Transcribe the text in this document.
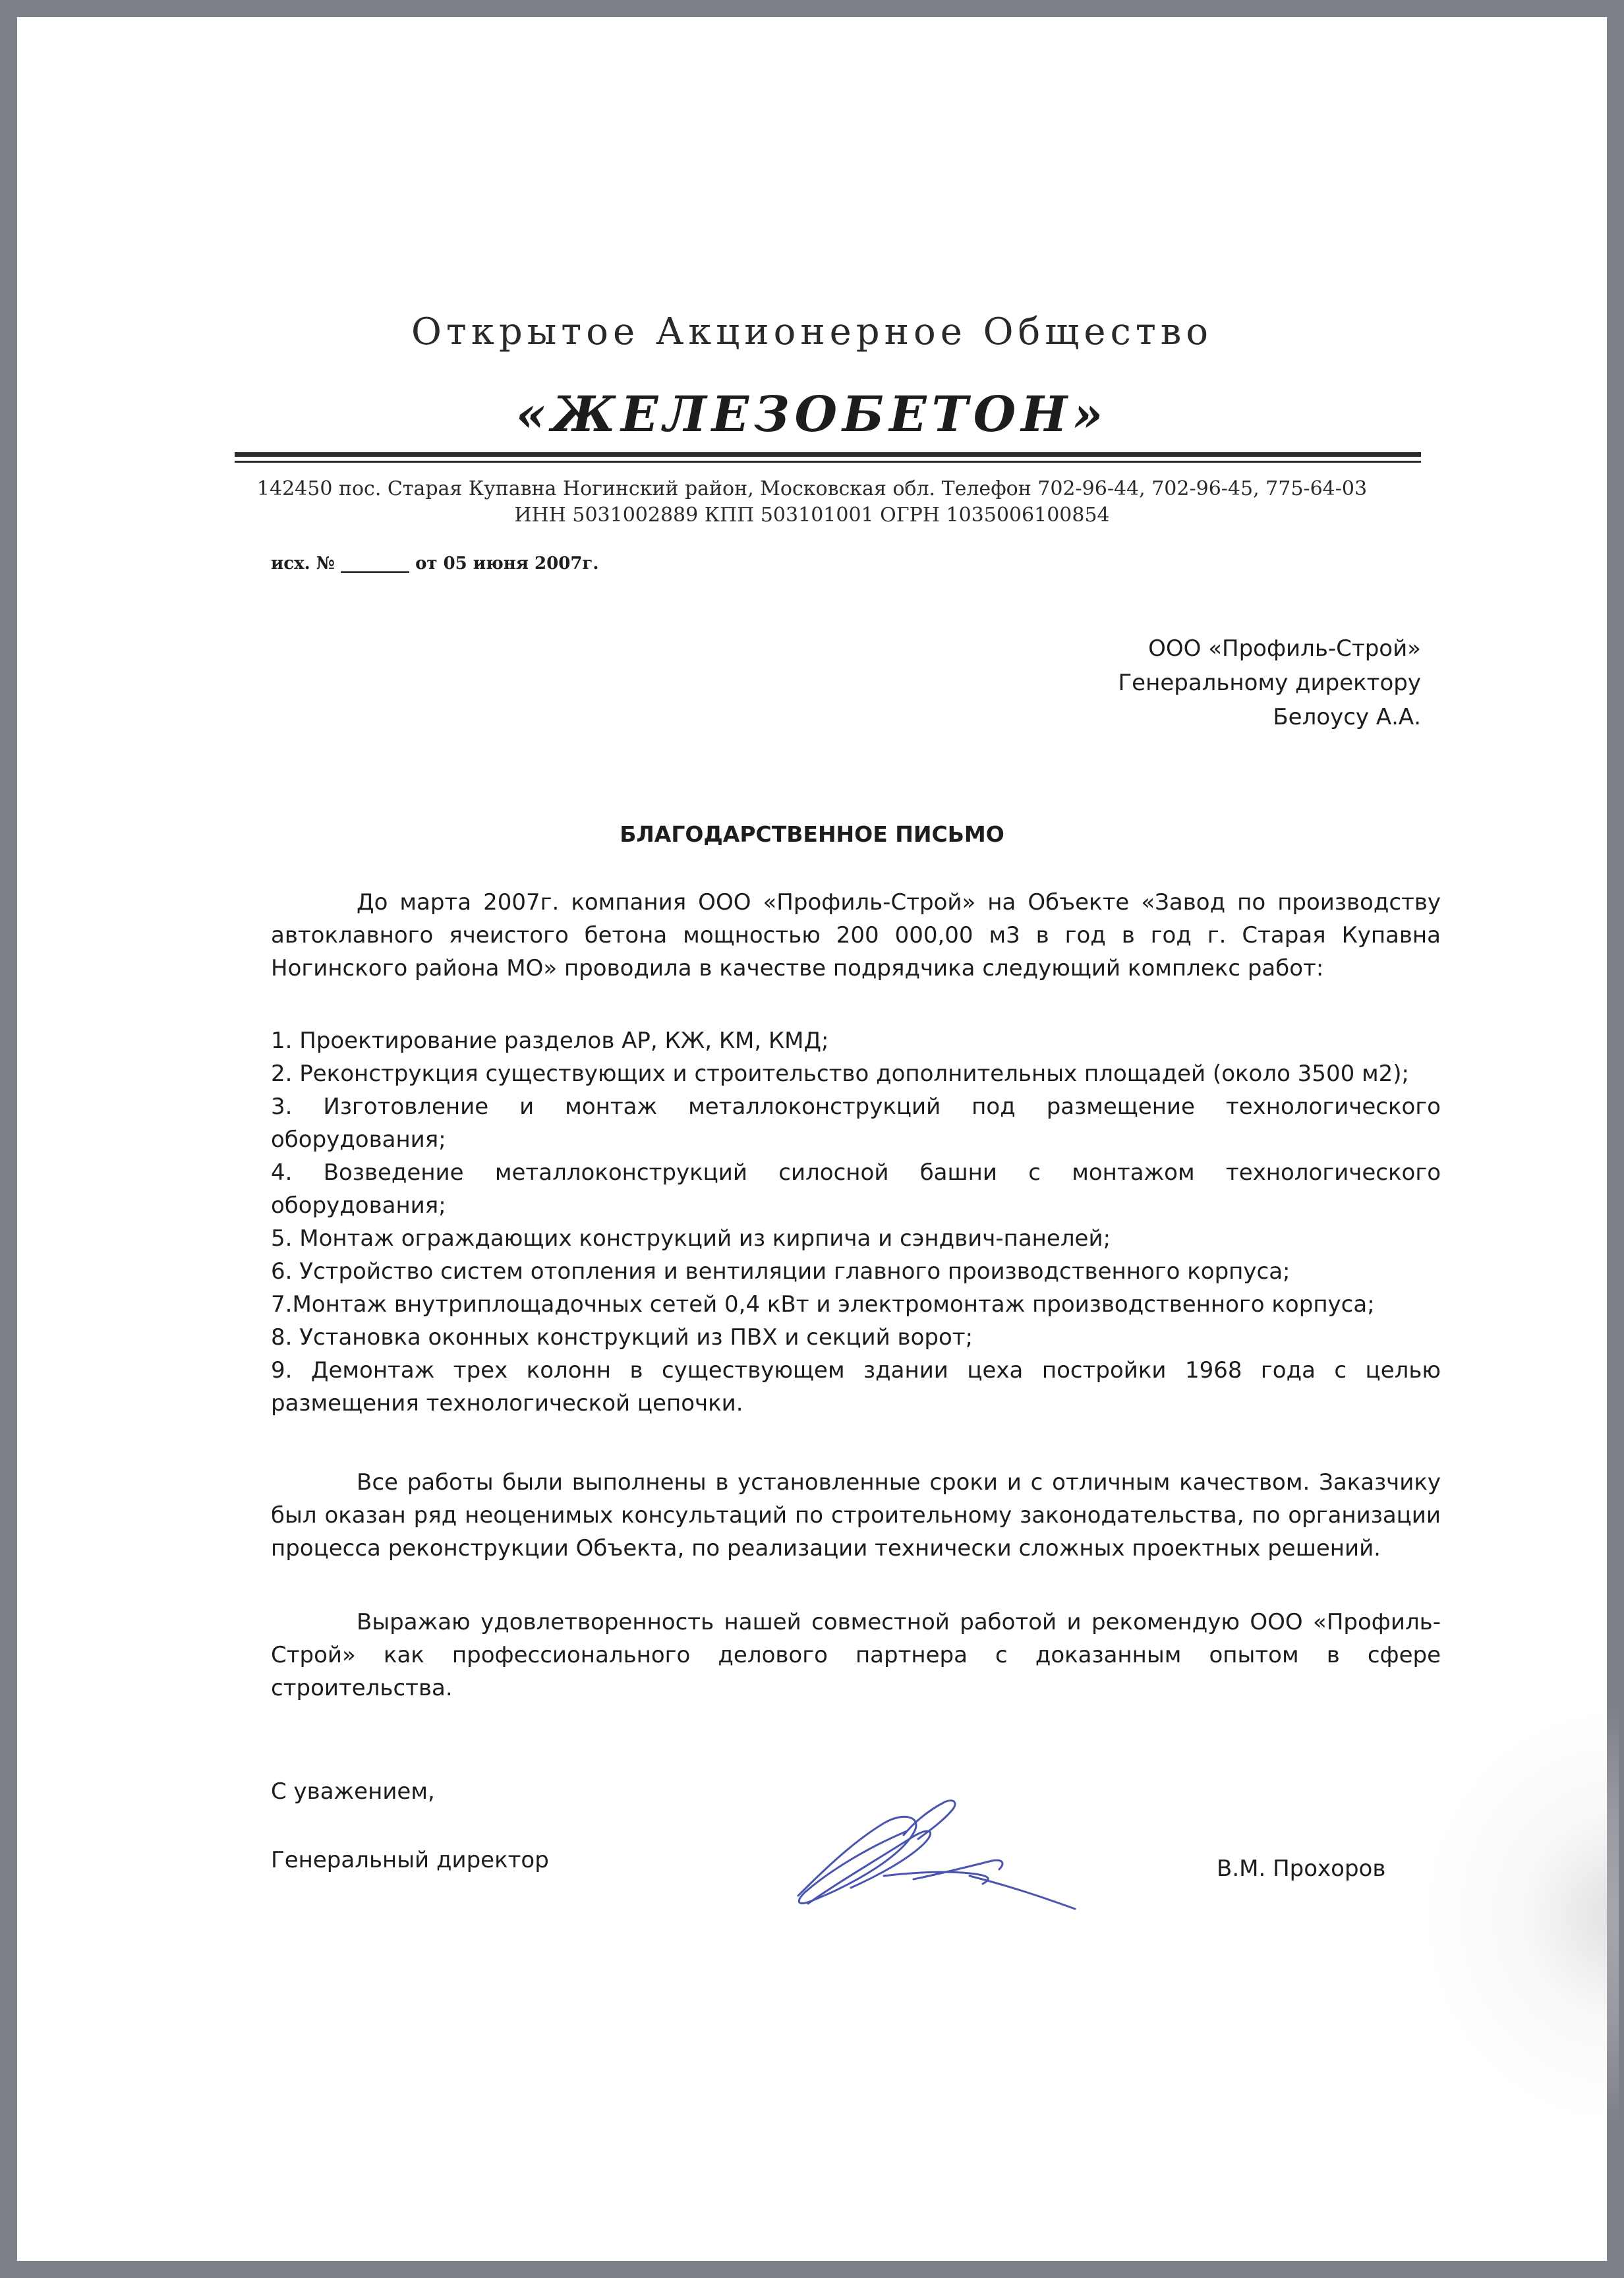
Открытое Акционерное Общество
«ЖЕЛЕЗОБЕТОН»
142450 пос. Старая Купавна Ногинский район, Московская обл. Телефон 702-96-44, 702-96-45, 775-64-03
ИНН 5031002889 КПП 503101001 ОГРН 1035006100854
исх. № ________ от 05 июня 2007г.
ООО «Профиль-Строй»
Генеральному директору
Белоусу А.А.
БЛАГОДАРСТВЕННОЕ ПИСЬМО

До марта 2007г. компания ООО «Профиль-Строй» на Объекте «Завод по производству автоклавного ячеистого бетона мощностью 200 000,00 м3 в год в год г. Старая Купавна Ногинского района МО» проводила в качестве подрядчика следующий комплекс работ:

1. Проектирование разделов АР, КЖ, КМ, КМД;

2. Реконструкция существующих и строительство дополнительных площадей (около 3500 м2);

3. Изготовление и монтаж металлоконструкций под размещение технологического оборудования;

4. Возведение металлоконструкций силосной башни с монтажом технологического оборудования;

5. Монтаж ограждающих конструкций из кирпича и сэндвич-панелей;

6. Устройство систем отопления и вентиляции главного производственного корпуса;

7.Монтаж внутриплощадочных сетей 0,4 кВт и электромонтаж производственного корпуса;

8. Установка оконных конструкций из ПВХ и секций ворот;

9. Демонтаж трех колонн в существующем здании цеха постройки 1968 года с целью размещения технологической цепочки.

Все работы были выполнены в установленные сроки и с отличным качеством. Заказчику был оказан ряд неоценимых консультаций по строительному законодательства, по организации процесса реконструкции Объекта, по реализации технически сложных проектных решений.

Выражаю удовлетворенность нашей совместной работой и рекомендую ООО «Профиль-Строй» как профессионального делового партнера с доказанным опытом в сфере строительства.

С уважением,
Генеральный директор	В.М. Прохоров
